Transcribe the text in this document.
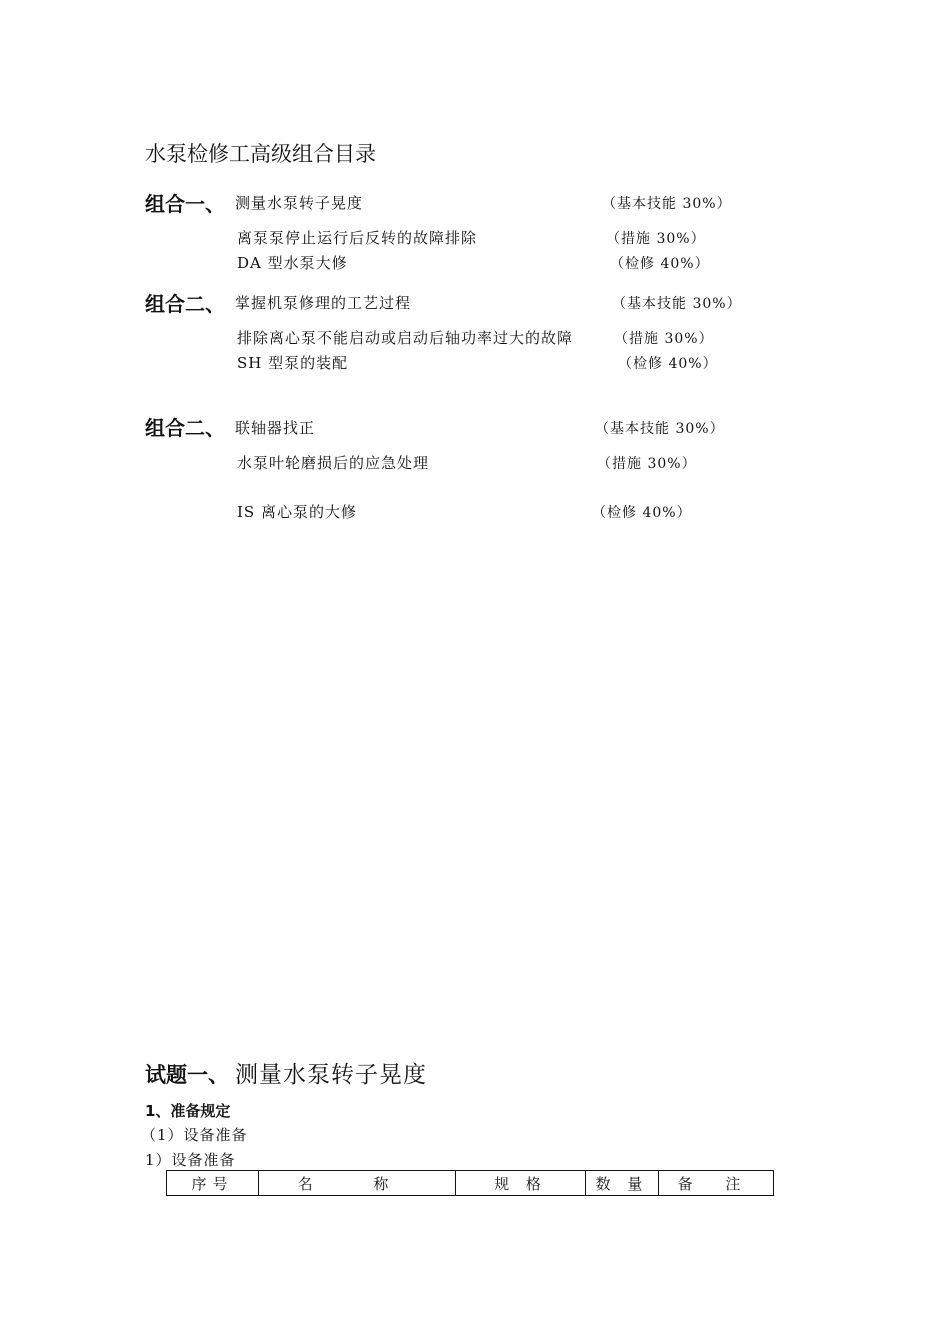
水泵检修工高级组合目录
组合一、 测量水泵转子晃度	（基本技能 30%）
离泵泵停止运行后反转的故障排除	（措施 30%）
DA 型水泵大修	（检修 40%）
组合二、 掌握机泵修理的工艺过程	（基本技能 30%）
排除离心泵不能启动或启动后轴功率过大的故障	（措施 30%）
SH 型泵的装配	（检修 40%）
组合二、 联轴器找正	（基本技能 30%）
水泵叶轮磨损后的应急处理	（措施 30%）
IS 离心泵的大修	（检修 40%）
试题一、 测量水泵转子晃度
1、准备规定
（1）设备准备
1）设备准备
序号	名 称	规 格	数 量	备 注
